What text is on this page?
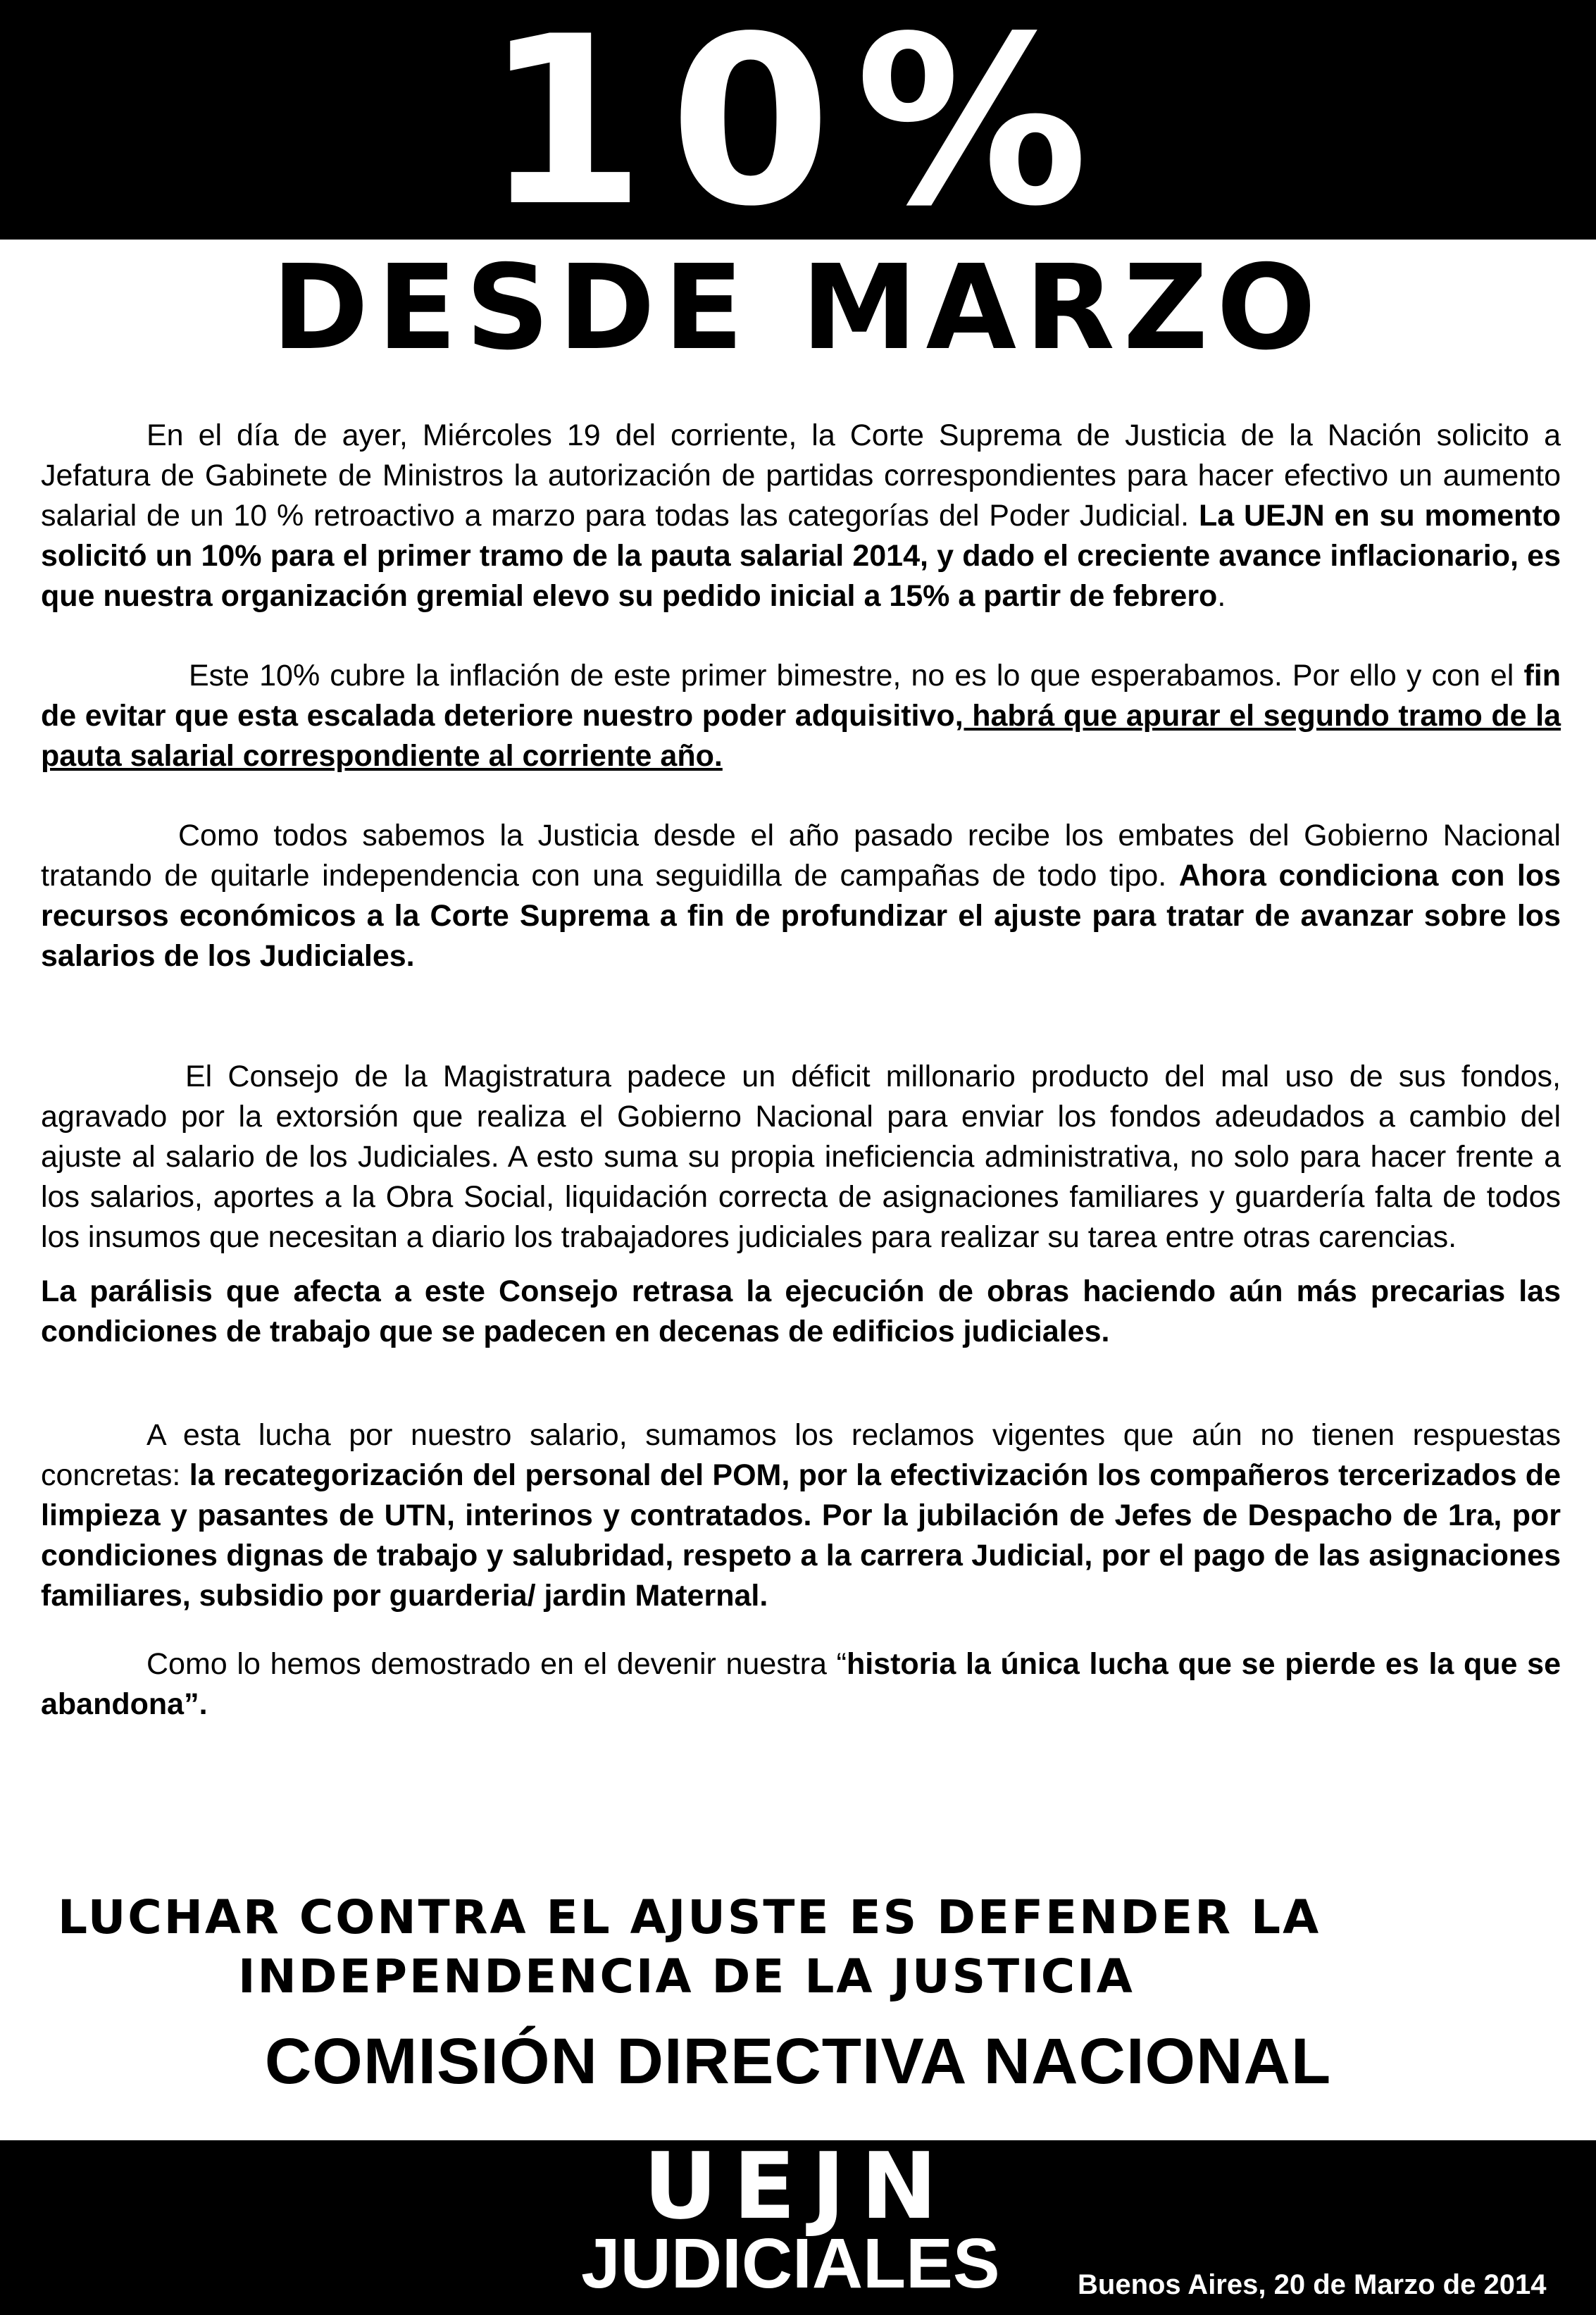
10%
DESDE MARZO

En el día de ayer, Miércoles 19 del corriente, la Corte Suprema de Justicia de la Nación solicito a Jefatura de Gabinete de Ministros la autorización de partidas correspondientes para hacer efectivo un aumento salarial de un 10 % retroactivo a marzo para todas las categorías del Poder Judicial. La UEJN en su momento solicitó un 10% para el primer tramo de la pauta salarial 2014, y dado el creciente avance inflacionario, es que nuestra organización gremial elevo su pedido inicial a 15% a partir de febrero.

Este 10% cubre la inflación de este primer bimestre, no es lo que esperabamos. Por ello y con el fin de evitar que esta escalada deteriore nuestro poder adquisitivo, habrá que apurar el segundo tramo de la pauta salarial correspondiente al corriente año.

Como todos sabemos la Justicia desde el año pasado recibe los embates del Gobierno Nacional tratando de quitarle independencia con una seguidilla de campañas de todo tipo. Ahora condiciona con los recursos económicos a la Corte Suprema a fin de profundizar el ajuste para tratar de avanzar sobre los salarios de los Judiciales.

El Consejo de la Magistratura padece un déficit millonario producto del mal uso de sus fondos, agravado por la extorsión que realiza el Gobierno Nacional para enviar los fondos adeudados a cambio del ajuste al salario de los Judiciales. A esto suma su propia ineficiencia administrativa, no solo para hacer frente a los salarios, aportes a la Obra Social, liquidación correcta de asignaciones familiares y guardería falta de todos los insumos que necesitan a diario los trabajadores judiciales para realizar su tarea entre otras carencias.

La parálisis que afecta a este Consejo retrasa la ejecución de obras haciendo aún más precarias las condiciones de trabajo que se padecen en decenas de edificios judiciales.

A esta lucha por nuestro salario, sumamos los reclamos vigentes que aún no tienen respuestas concretas: la recategorización del personal del POM, por la efectivización los compañeros tercerizados de limpieza y pasantes de UTN, interinos y contratados. Por la jubilación de Jefes de Despacho de 1ra, por condiciones dignas de trabajo y salubridad, respeto a la carrera Judicial, por el pago de las asignaciones familiares, subsidio por guarderia/ jardin Maternal.

Como lo hemos demostrado en el devenir nuestra “historia la única lucha que se pierde es la que se abandona”.

LUCHAR CONTRA EL AJUSTE ES DEFENDER LA
INDEPENDENCIA DE LA JUSTICIA
COMISIÓN DIRECTIVA NACIONAL
UEJN
JUDICIALES	Buenos Aires, 20 de Marzo de 2014
